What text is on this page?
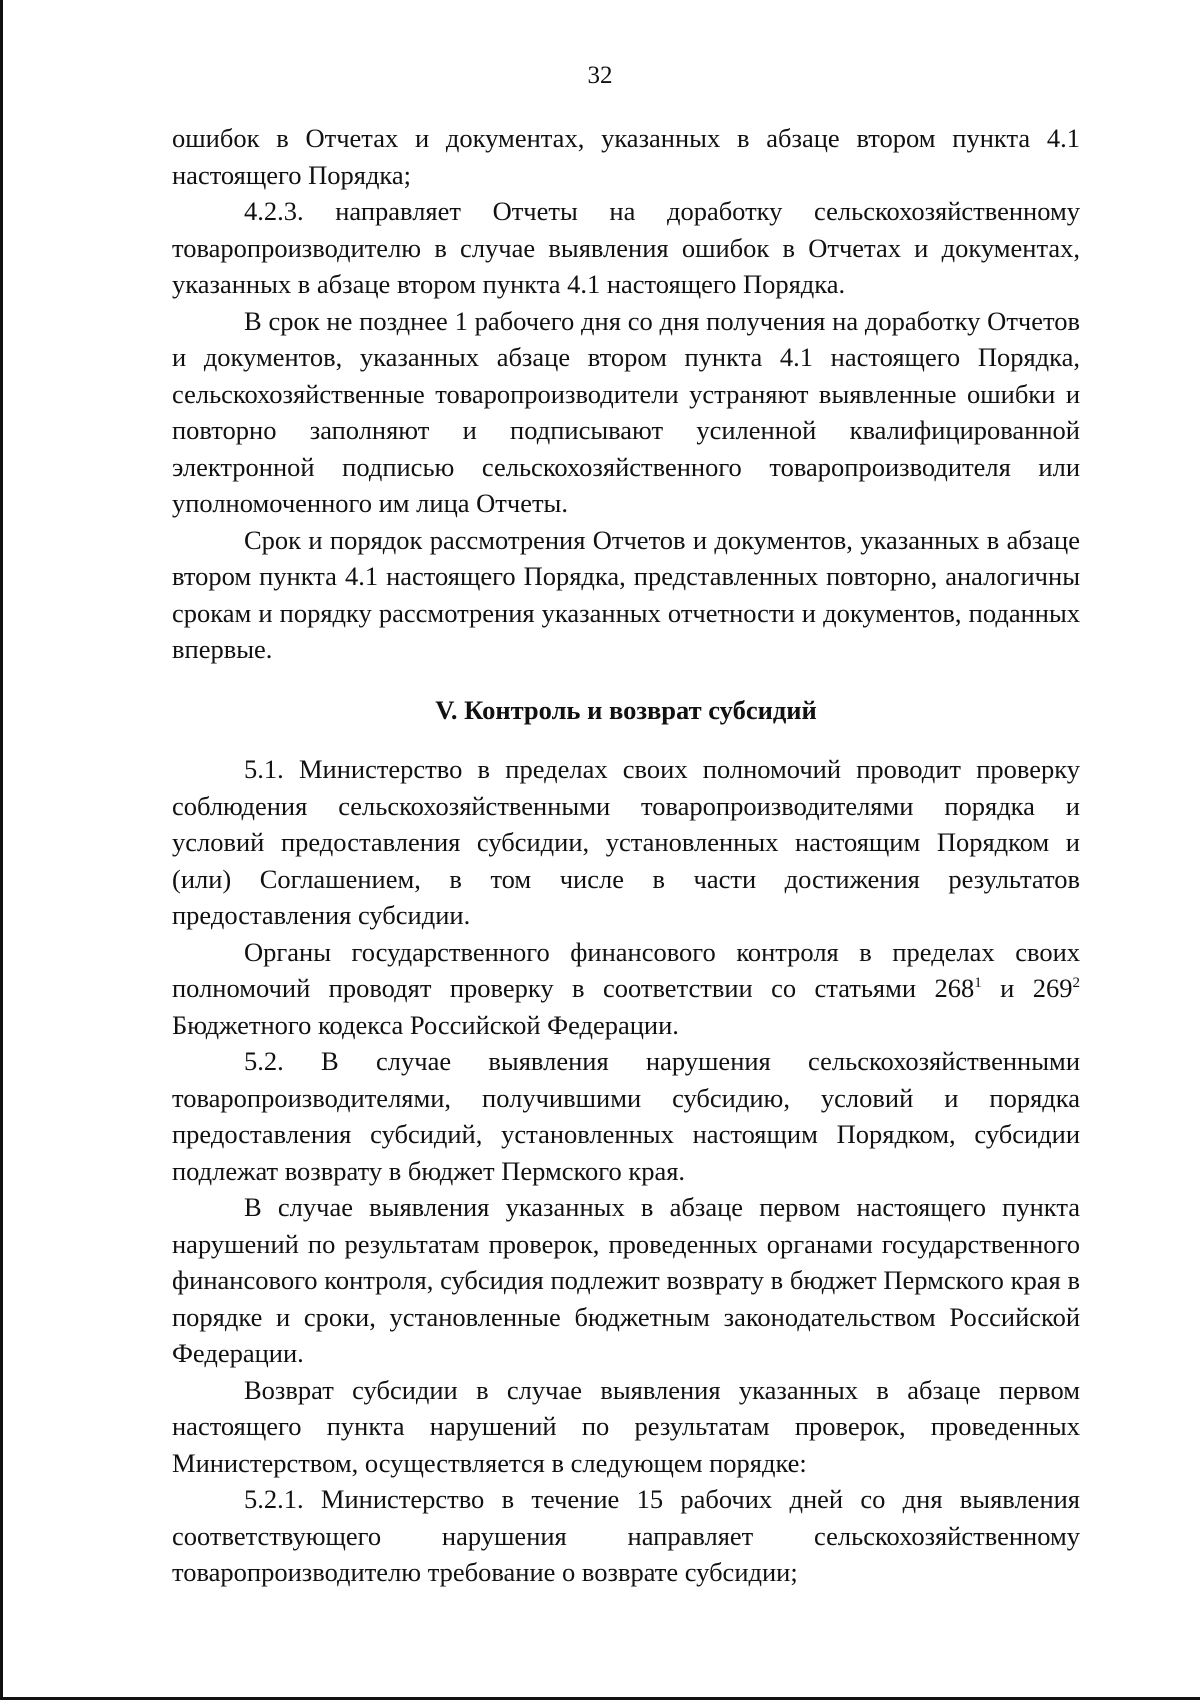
32

ошибок в Отчетах и документах, указанных в абзаце втором пункта 4.1 настоящего Порядка;

4.2.3. направляет Отчеты на доработку сельскохозяйственному товаропроизводителю в случае выявления ошибок в Отчетах и документах, указанных в абзаце втором пункта 4.1 настоящего Порядка.

В срок не позднее 1 рабочего дня со дня получения на доработку Отчетов и документов, указанных абзаце втором пункта 4.1 настоящего Порядка, сельскохозяйственные товаропроизводители устраняют выявленные ошибки и повторно заполняют и подписывают усиленной квалифицированной электронной подписью сельскохозяйственного товаропроизводителя или уполномоченного им лица Отчеты.

Срок и порядок рассмотрения Отчетов и документов, указанных в абзаце втором пункта 4.1 настоящего Порядка, представленных повторно, аналогичны срокам и порядку рассмотрения указанных отчетности и документов, поданных впервые.

V. Контроль и возврат субсидий

5.1. Министерство в пределах своих полномочий проводит проверку соблюдения сельскохозяйственными товаропроизводителями порядка и условий предоставления субсидии, установленных настоящим Порядком и (или) Соглашением, в том числе в части достижения результатов предоставления субсидии.

Органы государственного финансового контроля в пределах своих полномочий проводят проверку в соответствии со статьями $268^1$ и $269^2$ Бюджетного кодекса Российской Федерации.

5.2. В случае выявления нарушения сельскохозяйственными товаропроизводителями, получившими субсидию, условий и порядка предоставления субсидий, установленных настоящим Порядком, субсидии подлежат возврату в бюджет Пермского края.

В случае выявления указанных в абзаце первом настоящего пункта нарушений по результатам проверок, проведенных органами государственного финансового контроля, субсидия подлежит возврату в бюджет Пермского края в порядке и сроки, установленные бюджетным законодательством Российской Федерации.

Возврат субсидии в случае выявления указанных в абзаце первом настоящего пункта нарушений по результатам проверок, проведенных Министерством, осуществляется в следующем порядке:

5.2.1. Министерство в течение 15 рабочих дней со дня выявления соответствующего нарушения направляет сельскохозяйственному товаропроизводителю требование о возврате субсидии;
